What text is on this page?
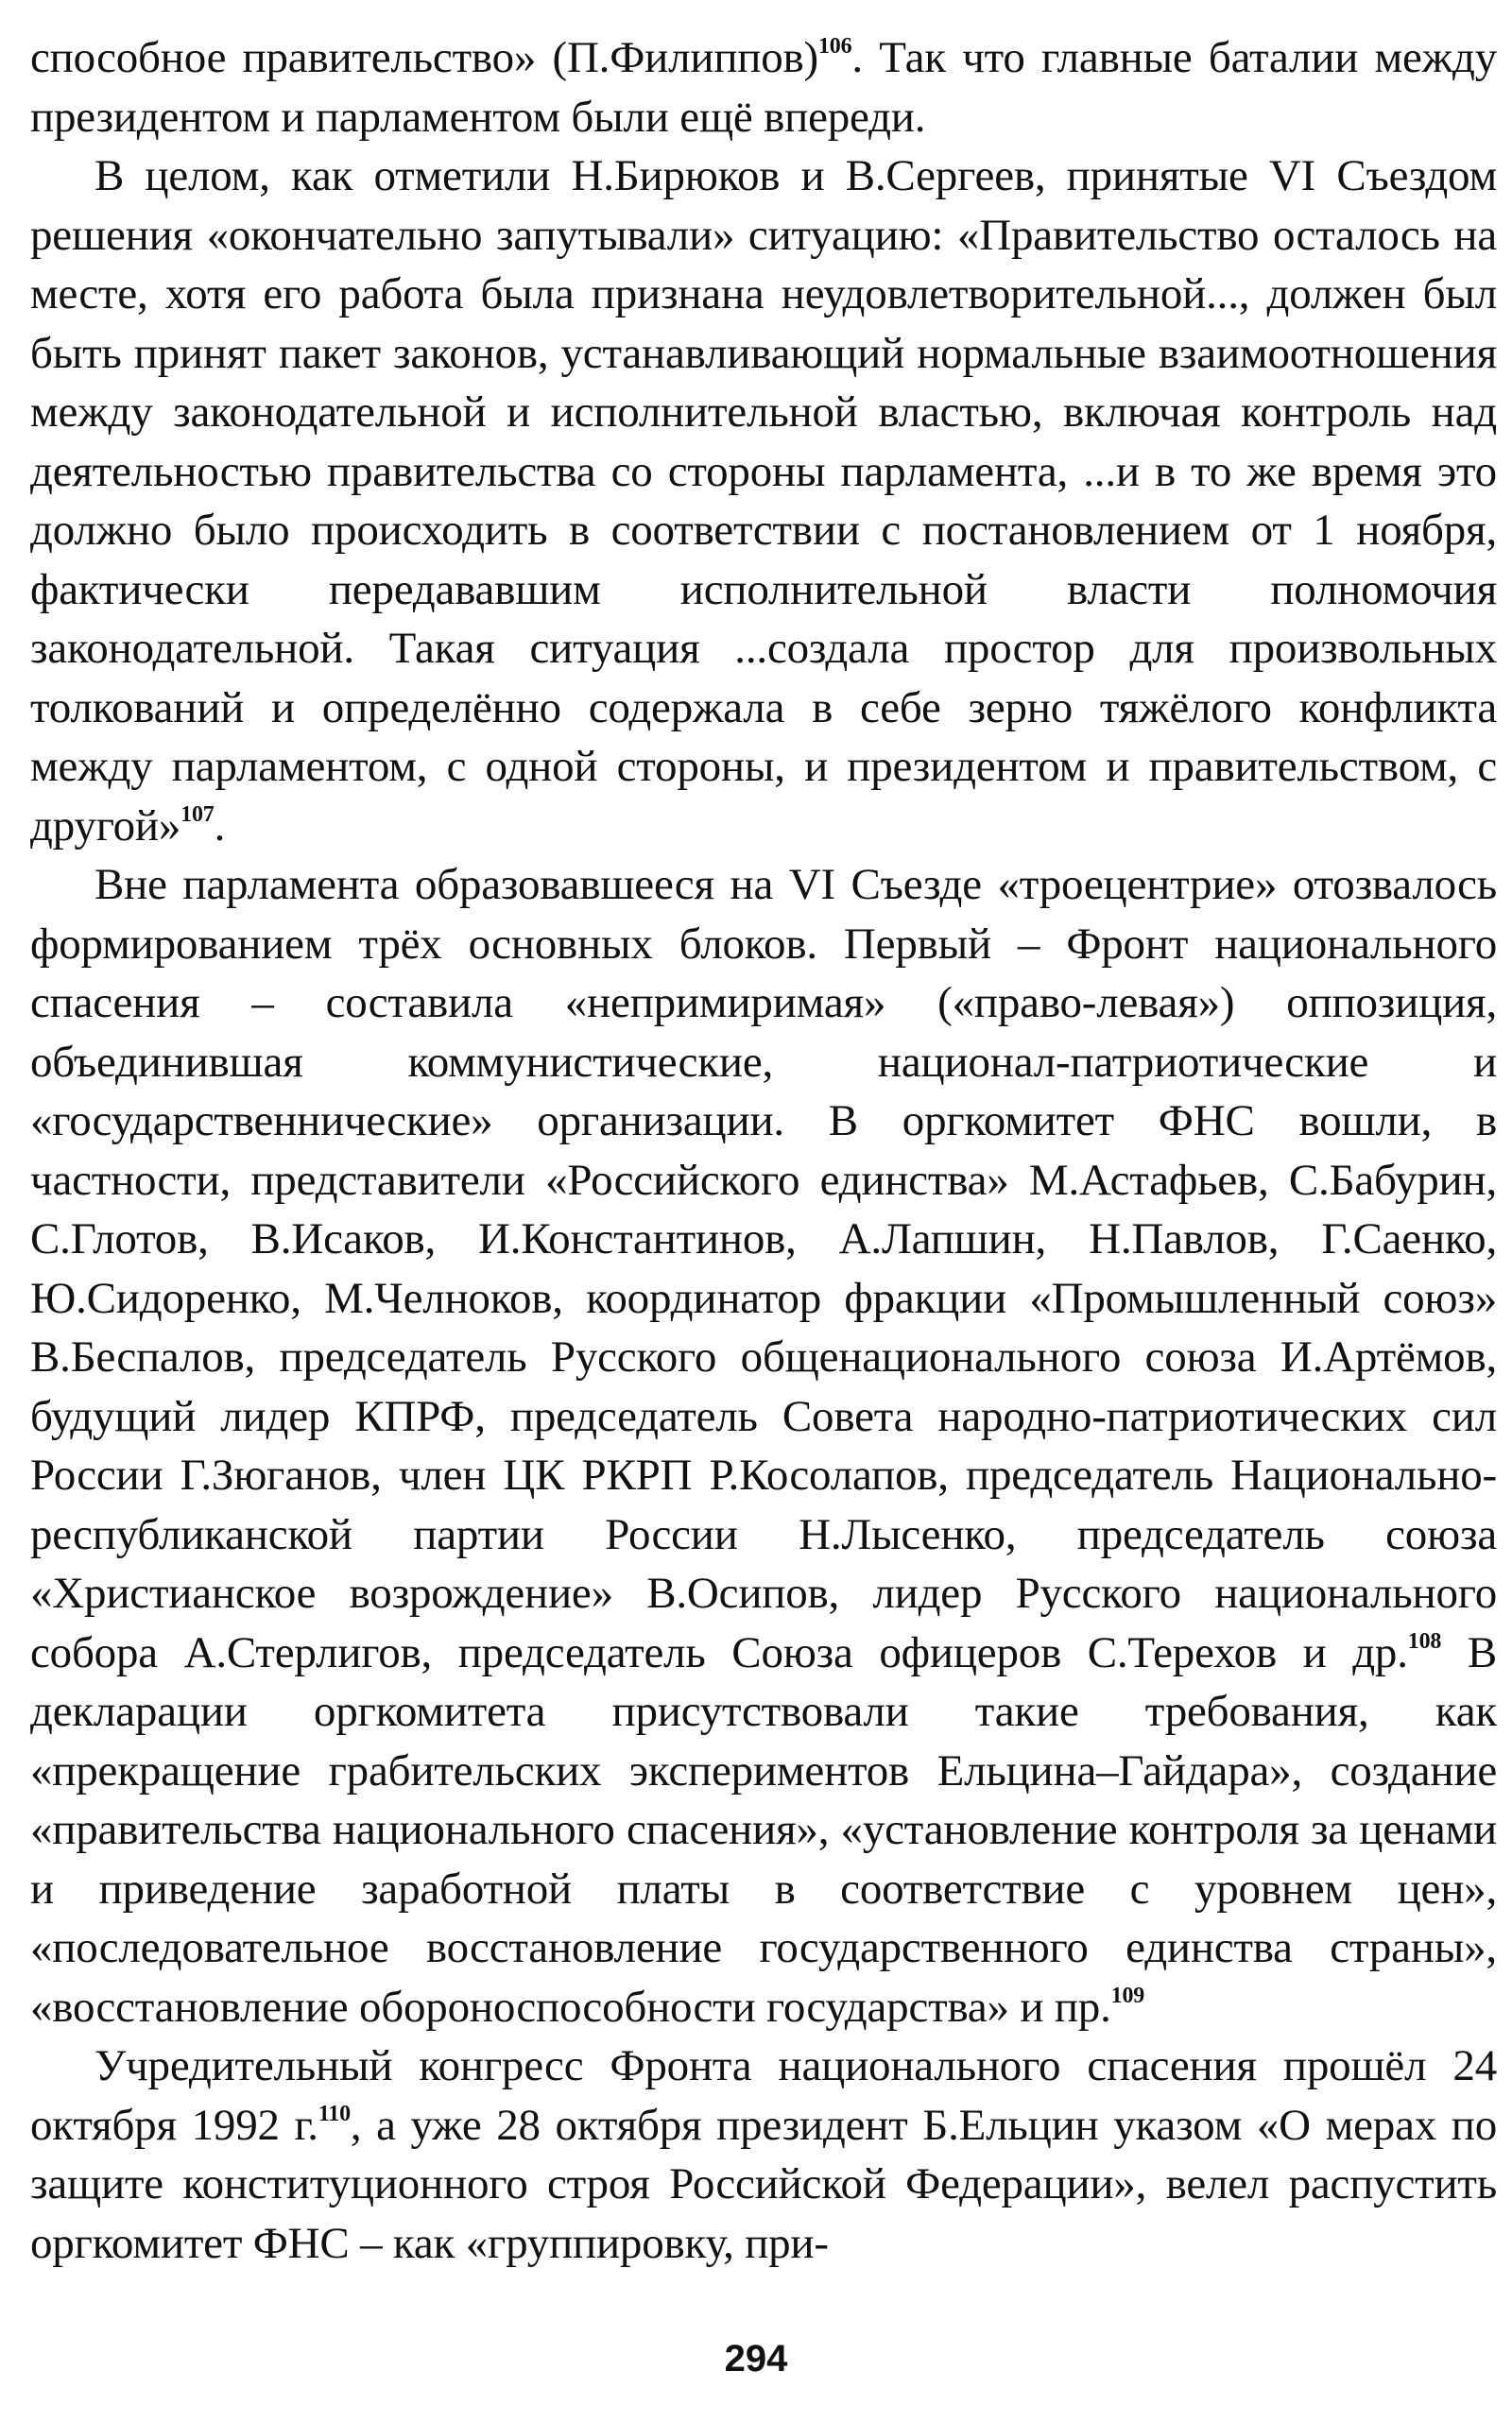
способное правительство» (П.Филиппов)$^{106}$. Так что главные баталии между президентом и парламентом были ещё впереди.

В целом, как отметили Н.Бирюков и В.Сергеев, принятые VI Съездом решения «окончательно запутывали» ситуацию: «Правительство осталось на месте, хотя его работа была признана неудовлетворительной..., должен был быть принят пакет законов, устанавливающий нормальные взаимоотношения между законодательной и исполнительной властью, включая контроль над деятельностью правительства со стороны парламента, ...и в то же время это должно было происходить в соответствии с постановлением от 1 ноября, фактически передававшим исполнительной власти полномочия законодательной. Такая ситуация ...создала простор для произвольных толкований и определённо содержала в себе зерно тяжёлого конфликта между парламентом, с одной стороны, и президентом и правительством, с другой»$^{107}$.

Вне парламента образовавшееся на VI Съезде «троецентрие» отозвалось формированием трёх основных блоков. Первый – Фронт национального спасения – составила «непримиримая» («право-левая») оппозиция, объединившая коммунистические, национал-патриотические и «государственнические» организации. В оргкомитет ФНС вошли, в частности, представители «Российского единства» М.Астафьев, С.Бабурин, С.Глотов, В.Исаков, И.Константинов, А.Лапшин, Н.Павлов, Г.Саенко, Ю.Сидоренко, М.Челноков, координатор фракции «Промышленный союз» В.Беспалов, председатель Русского общенационального союза И.Артёмов, будущий лидер КПРФ, председатель Совета народно-патриотических сил России Г.Зюганов, член ЦК РКРП Р.Косолапов, председатель Национально-республиканской партии России Н.Лысенко, председатель союза «Христианское возрождение» В.Осипов, лидер Русского национального собора А.Стерлигов, председатель Союза офицеров С.Терехов и др.$^{108}$ В декларации оргкомитета присутствовали такие требования, как «прекращение грабительских экспериментов Ельцина–Гайдара», создание «правительства национального спасения», «установление контроля за ценами и приведение заработной платы в соответствие с уровнем цен», «последовательное восстановление государственного единства страны», «восстановление обороноспособности государства» и пр.$^{109}$

Учредительный конгресс Фронта национального спасения прошёл 24 октября 1992 г.$^{110}$, а уже 28 октября президент Б.Ельцин указом «О мерах по защите конституционного строя Российской Федерации», велел распустить оргкомитет ФНС – как «группировку, при-

294
